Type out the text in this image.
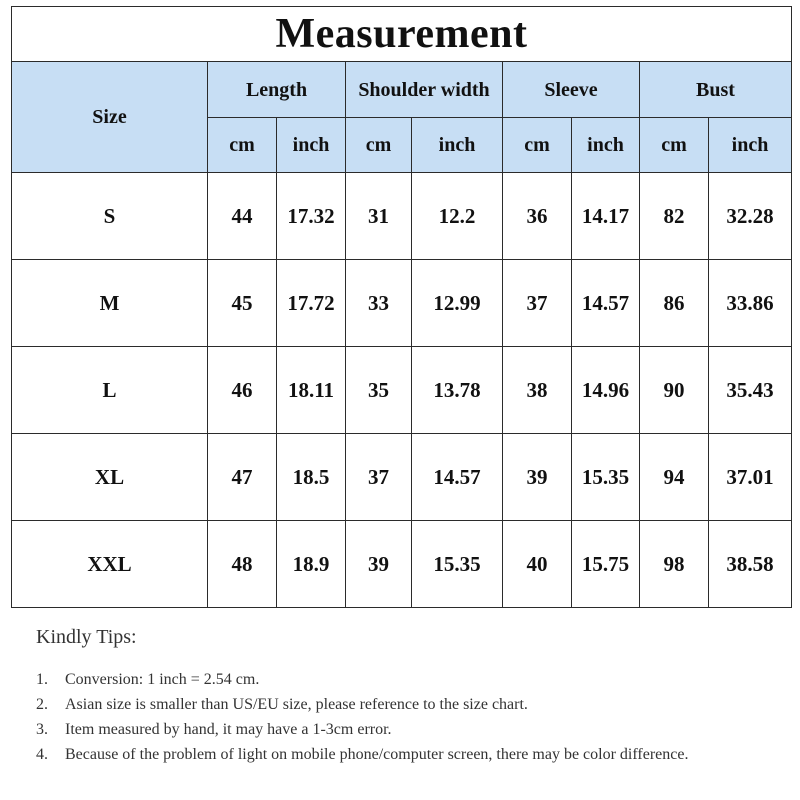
Measurement								
Size	Length		Shoulder width		Sleeve		Bust	
	cm	inch	cm	inch	cm	inch	cm	inch
S	44	17.32	31	12.2	36	14.17	82	32.28
M	45	17.72	33	12.99	37	14.57	86	33.86
L	46	18.11	35	13.78	38	14.96	90	35.43
XL	47	18.5	37	14.57	39	15.35	94	37.01
XXL	48	18.9	39	15.35	40	15.75	98	38.58

Kindly Tips:

1. Conversion: 1 inch = 2.54 cm.
2. Asian size is smaller than US/EU size, please reference to the size chart.
3. Item measured by hand, it may have a 1-3cm error.
4. Because of the problem of light on mobile phone/computer screen, there may be color difference.
